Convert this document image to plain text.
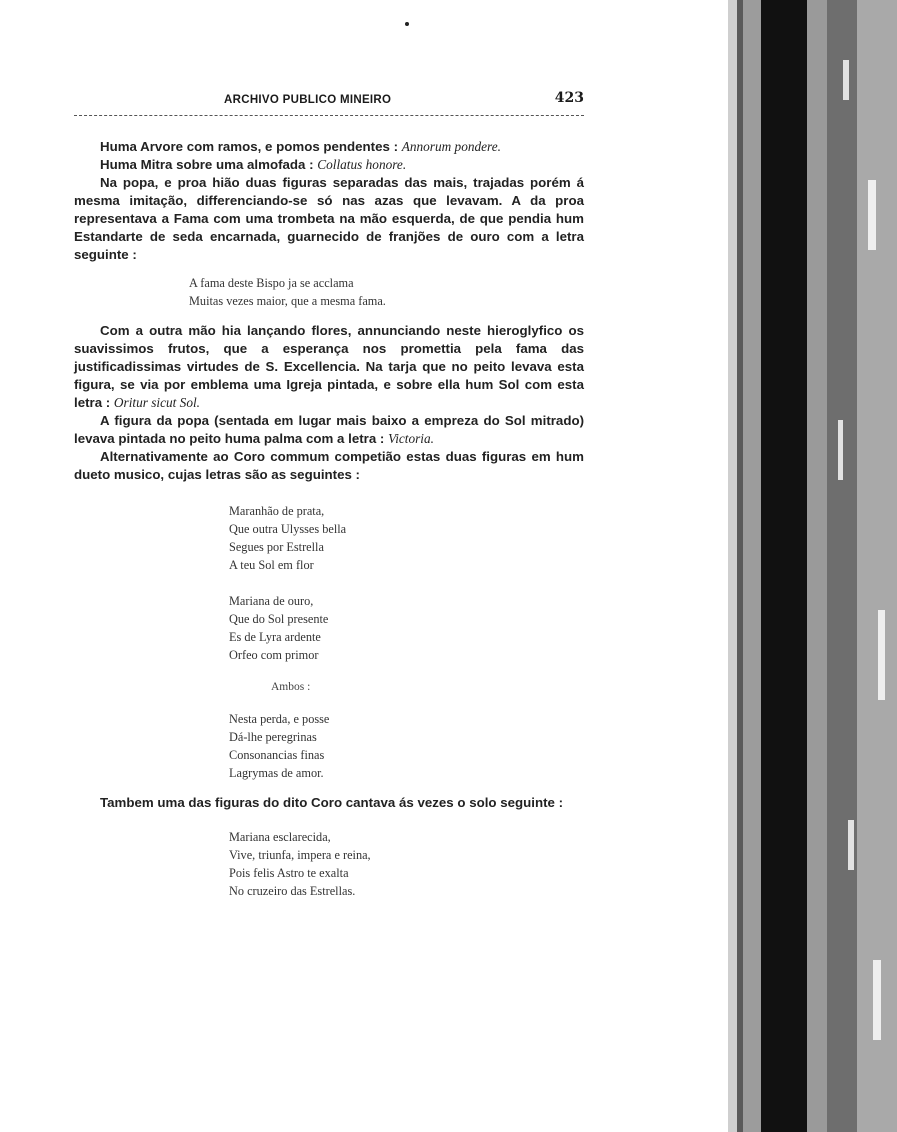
ARCHIVO PUBLICO MINEIRO	423

Huma Arvore com ramos, e pomos pendentes : Annorum pondere.

Huma Mitra sobre uma almofada : Collatus honore.

Na popa, e proa hião duas figuras separadas das mais, trajadas porém á mesma imitação, differenciando-se só nas azas que levavam. A da proa representava a Fama com uma trombeta na mão esquerda, de que pendia hum Estandarte de seda encarnada, guarnecido de franjões de ouro com a letra seguinte :

A fama deste Bispo ja se acclama
Muitas vezes maior, que a mesma fama.

Com a outra mão hia lançando flores, annunciando neste hieroglyfico os suavissimos frutos, que a esperança nos promettia pela fama das justificadissimas virtudes de S. Excellencia. Na tarja que no peito levava esta figura, se via por emblema uma Igreja pintada, e sobre ella hum Sol com esta letra : Oritur sicut Sol.

A figura da popa (sentada em lugar mais baixo a empreza do Sol mitrado) levava pintada no peito huma palma com a letra : Victoria.

Alternativamente ao Coro commum competião estas duas figuras em hum dueto musico, cujas letras são as seguintes :

Maranhão de prata,
Que outra Ulysses bella
Segues por Estrella
A teu Sol em flor
Mariana de ouro,
Que do Sol presente
Es de Lyra ardente
Orfeo com primor
Ambos :
Nesta perda, e posse
Dá-lhe peregrinas
Consonancias finas
Lagrymas de amor.

Tambem uma das figuras do dito Coro cantava ás vezes o solo seguinte :

Mariana esclarecida,
Vive, triunfa, impera e reina,
Pois felis Astro te exalta
No cruzeiro das Estrellas.
